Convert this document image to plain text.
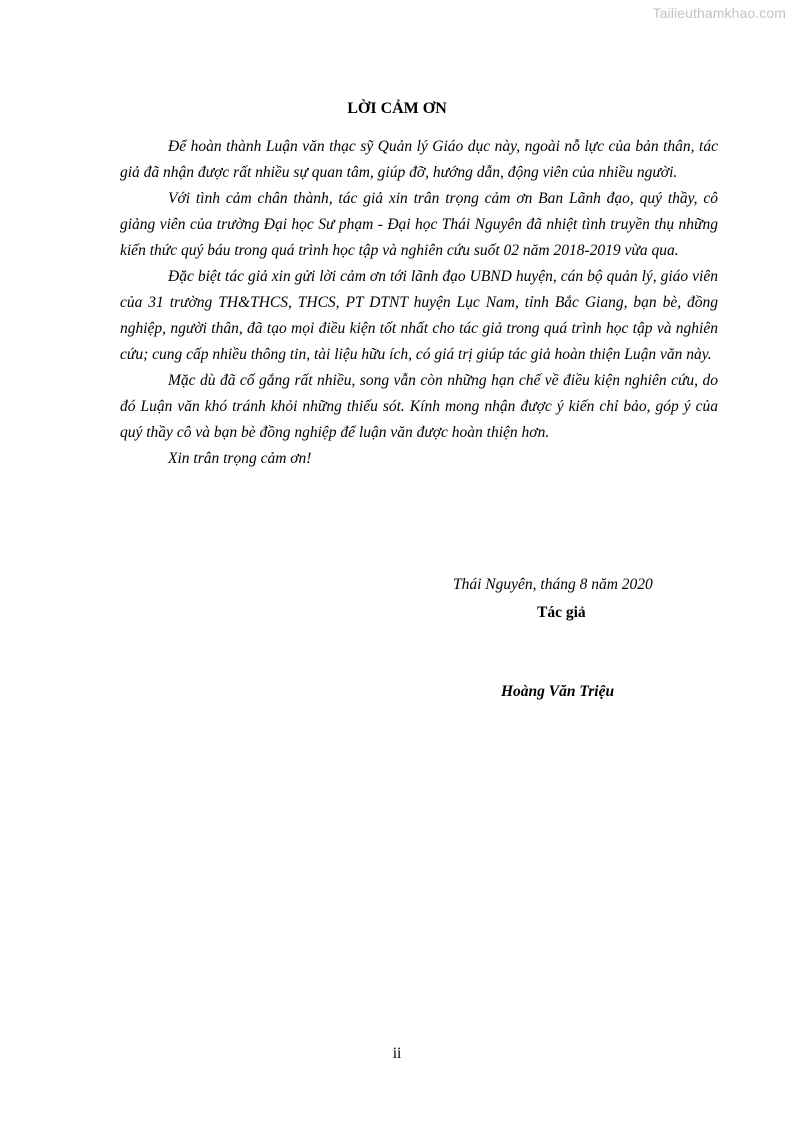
Tailieuthamkhao.com
LỜI CẢM ƠN

Để hoàn thành Luận văn thạc sỹ Quản lý Giáo dục này, ngoài nỗ lực của bản thân, tác giả đã nhận được rất nhiều sự quan tâm, giúp đỡ, hướng dẫn, động viên của nhiều người.

Với tình cảm chân thành, tác giả xin trân trọng cảm ơn Ban Lãnh đạo, quý thầy, cô giảng viên của trường Đại học Sư phạm - Đại học Thái Nguyên đã nhiệt tình truyền thụ những kiến thức quý báu trong quá trình học tập và nghiên cứu suốt 02 năm 2018-2019 vừa qua.

Đặc biệt tác giả xin gửi lời cảm ơn tới lãnh đạo UBND huyện, cán bộ quản lý, giáo viên của 31 trường TH&THCS, THCS, PT DTNT huyện Lục Nam, tỉnh Bắc Giang, bạn bè, đồng nghiệp, người thân, đã tạo mọi điều kiện tốt nhất cho tác giả trong quá trình học tập và nghiên cứu; cung cấp nhiều thông tin, tài liệu hữu ích, có giá trị giúp tác giả hoàn thiện Luận văn này.

Mặc dù đã cố gắng rất nhiều, song vẫn còn những hạn chế về điều kiện nghiên cứu, do đó Luận văn khó tránh khỏi những thiếu sót. Kính mong nhận được ý kiến chỉ bảo, góp ý của quý thầy cô và bạn bè đồng nghiệp để luận văn được hoàn thiện hơn.

Xin trân trọng cảm ơn!

Thái Nguyên, tháng 8 năm 2020
Tác giả
Hoàng Văn Triệu
ii
